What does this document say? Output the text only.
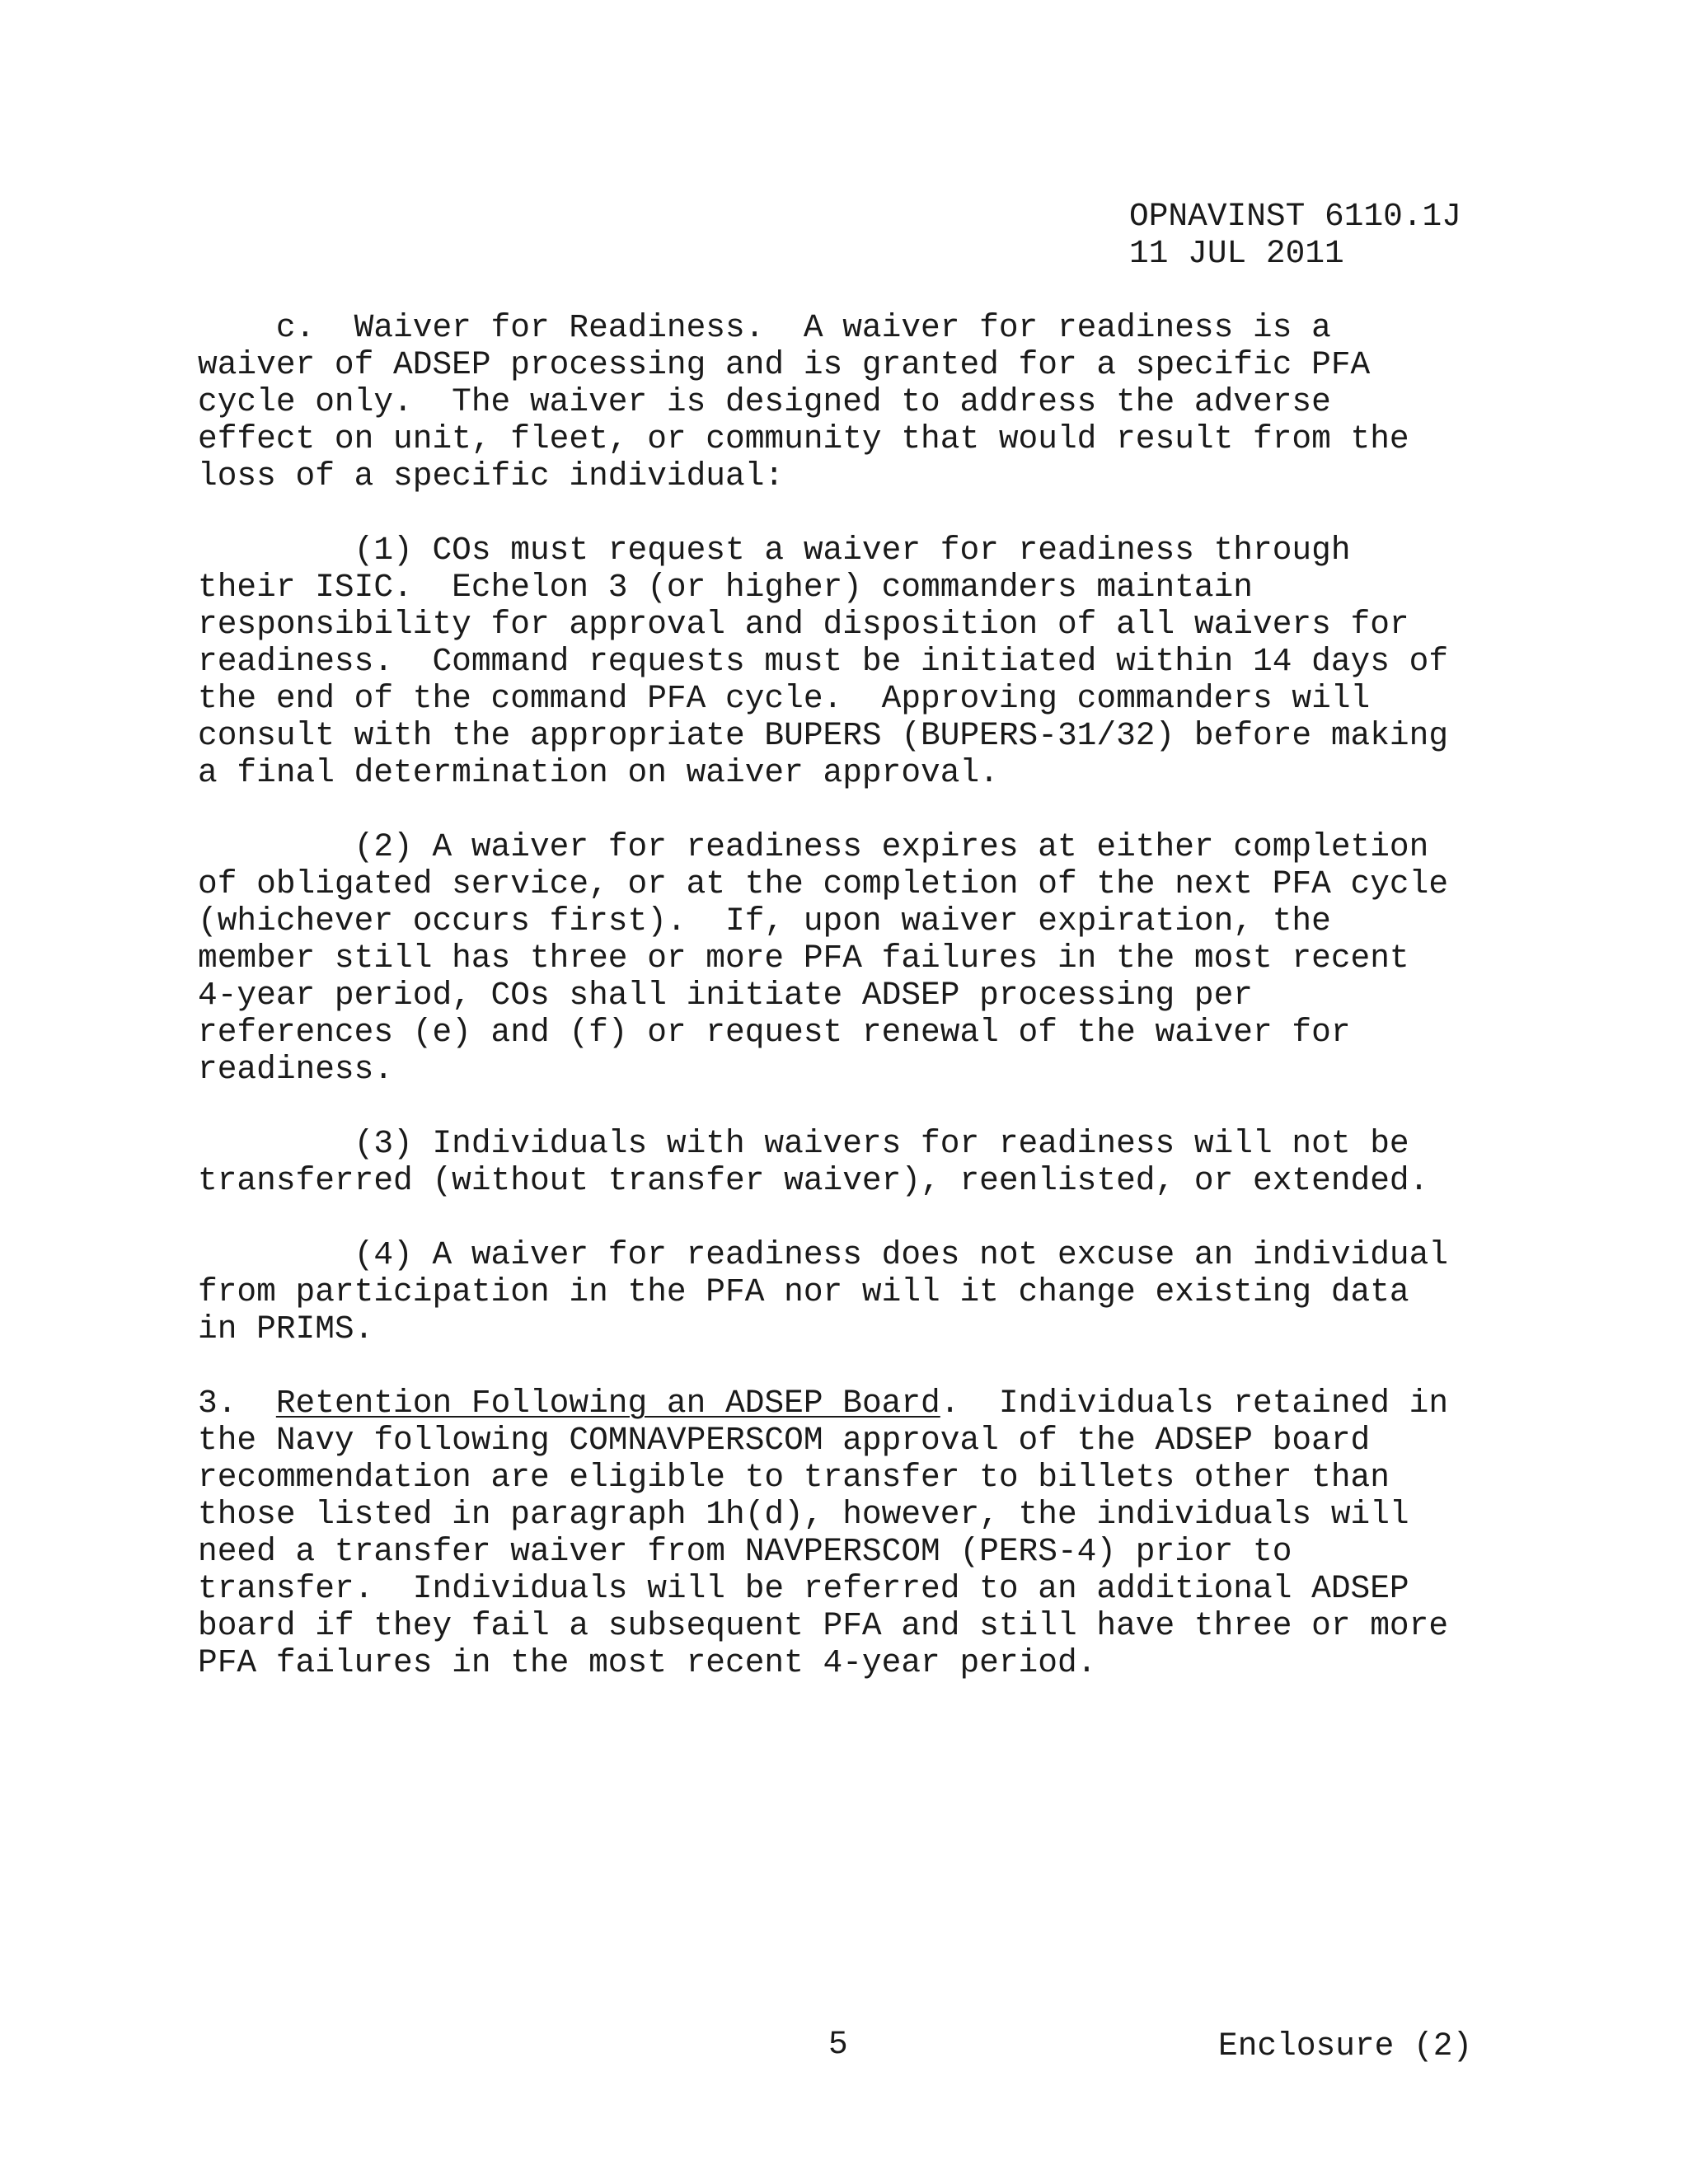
OPNAVINST 6110.1J
11 JUL 2011
c.  Waiver for Readiness.  A waiver for readiness is a
waiver of ADSEP processing and is granted for a specific PFA
cycle only.  The waiver is designed to address the adverse
effect on unit, fleet, or community that would result from the
loss of a specific individual:
(1) COs must request a waiver for readiness through
their ISIC.  Echelon 3 (or higher) commanders maintain
responsibility for approval and disposition of all waivers for
readiness.  Command requests must be initiated within 14 days of
the end of the command PFA cycle.  Approving commanders will
consult with the appropriate BUPERS (BUPERS-31/32) before making
a final determination on waiver approval.
(2) A waiver for readiness expires at either completion
of obligated service, or at the completion of the next PFA cycle
(whichever occurs first).  If, upon waiver expiration, the
member still has three or more PFA failures in the most recent
4-year period, COs shall initiate ADSEP processing per
references (e) and (f) or request renewal of the waiver for
readiness.
(3) Individuals with waivers for readiness will not be
transferred (without transfer waiver), reenlisted, or extended.
(4) A waiver for readiness does not excuse an individual
from participation in the PFA nor will it change existing data
in PRIMS.
3.  Retention Following an ADSEP Board.  Individuals retained in
the Navy following COMNAVPERSCOM approval of the ADSEP board
recommendation are eligible to transfer to billets other than
those listed in paragraph 1h(d), however, the individuals will
need a transfer waiver from NAVPERSCOM (PERS-4) prior to
transfer.  Individuals will be referred to an additional ADSEP
board if they fail a subsequent PFA and still have three or more
PFA failures in the most recent 4-year period.
5	Enclosure (2)
